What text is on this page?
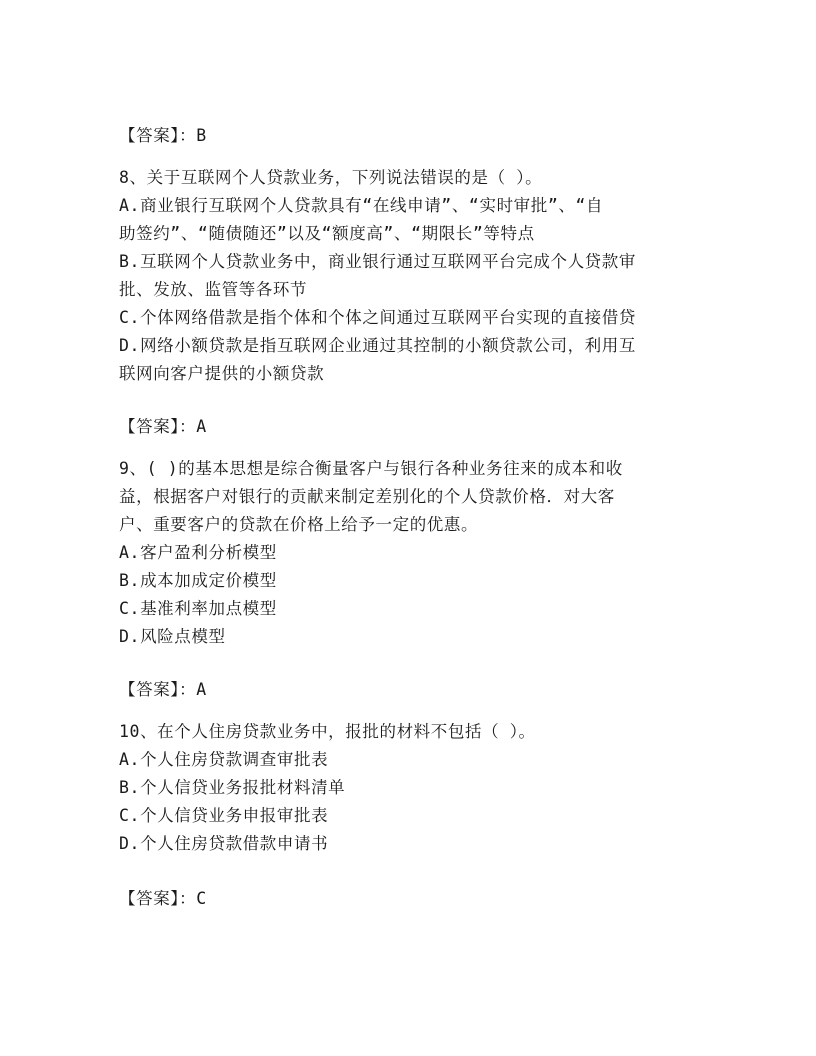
【答案】：B
8、关于互联网个人贷款业务，下列说法错误的是（ ）。
A.商业银行互联网个人贷款具有“在线申请”、“实时审批”、“自
助签约”、“随债随还”以及“额度高”、“期限长”等特点
B.互联网个人贷款业务中，商业银行通过互联网平台完成个人贷款审
批、发放、监管等各环节
C.个体网络借款是指个体和个体之间通过互联网平台实现的直接借贷
D.网络小额贷款是指互联网企业通过其控制的小额贷款公司，利用互
联网向客户提供的小额贷款
【答案】：A
9、( )的基本思想是综合衡量客户与银行各种业务往来的成本和收
益，根据客户对银行的贡献来制定差别化的个人贷款价格．对大客
户、重要客户的贷款在价格上给予一定的优惠。
A.客户盈利分析模型
B.成本加成定价模型
C.基准利率加点模型
D.风险点模型
【答案】：A
10、在个人住房贷款业务中，报批的材料不包括（ ）。
A.个人住房贷款调查审批表
B.个人信贷业务报批材料清单
C.个人信贷业务申报审批表
D.个人住房贷款借款申请书
【答案】：C
